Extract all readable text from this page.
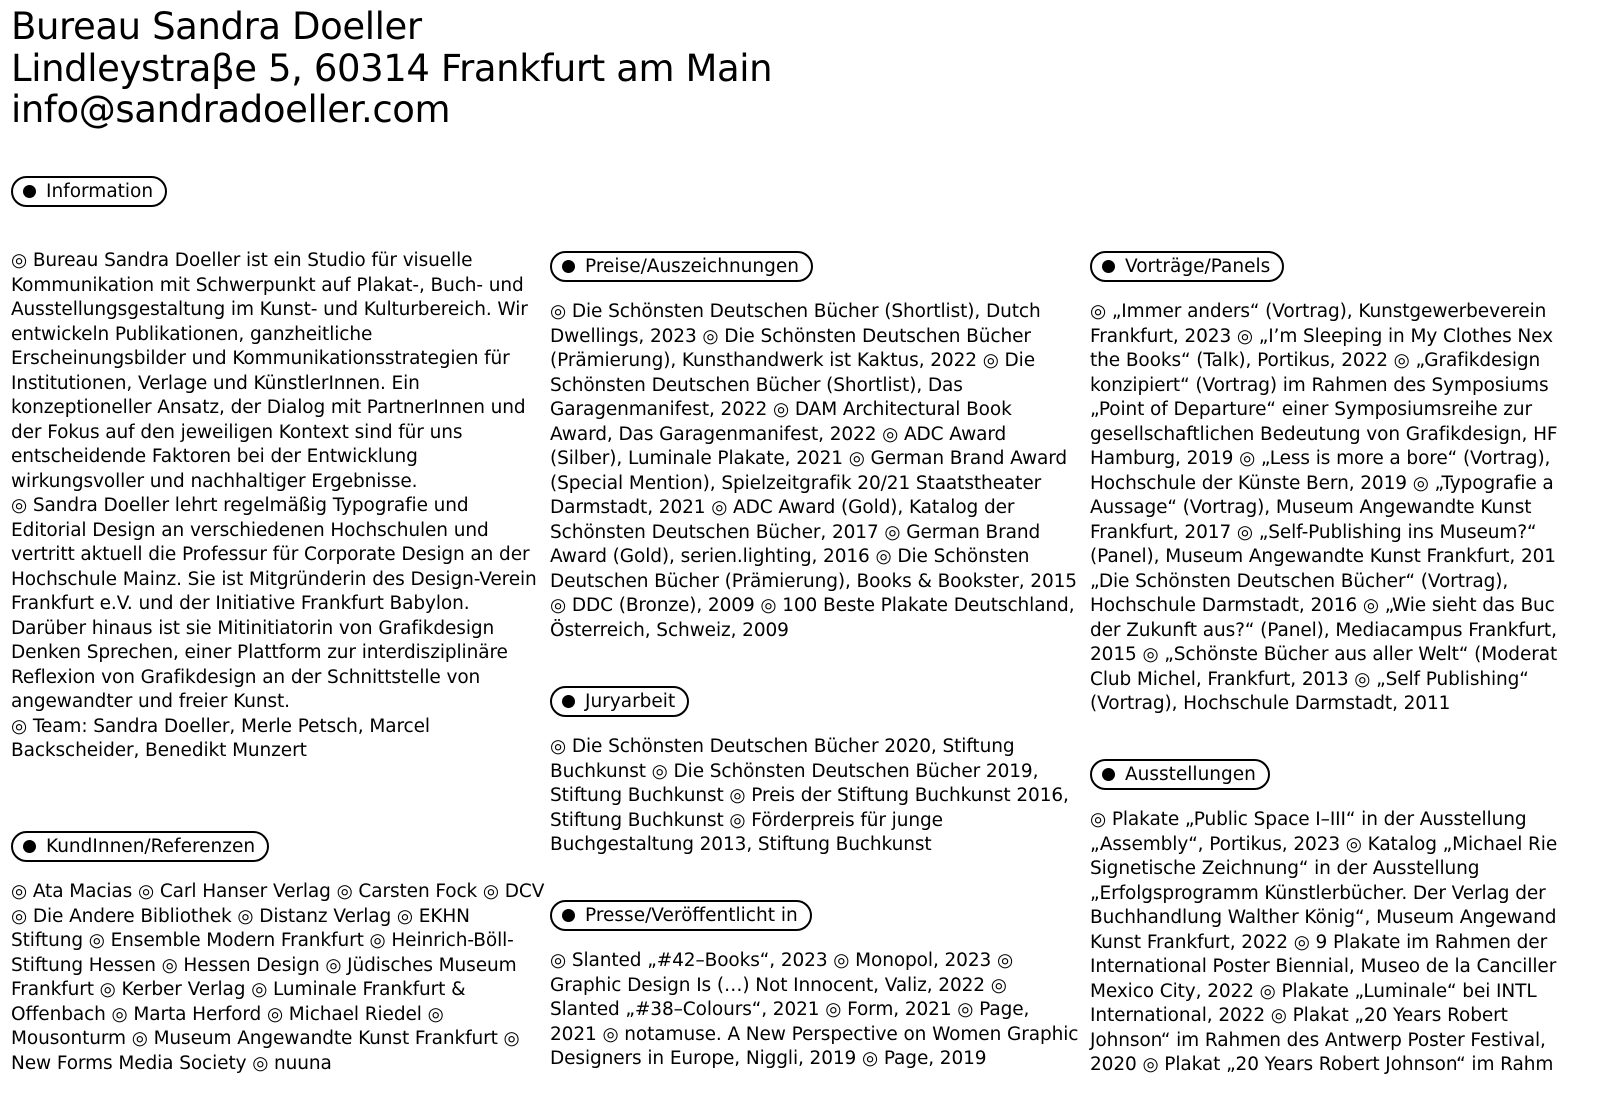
Bureau Sandra Doeller
Lindleystraβe 5, 60314 Frankfurt am Main
info@sandradoeller.com
Information

◎ Bureau Sandra Doeller ist ein Studio für visuelle Kommunikation mit Schwerpunkt auf Plakat-, Buch- und Ausstellungsgestaltung im Kunst- und Kulturbereich. Wir entwickeln Publikationen, ganzheitliche Erscheinungsbilder und Kommunikationsstrategien für Institutionen, Verlage und KünstlerInnen. Ein konzeptioneller Ansatz, der Dialog mit PartnerInnen und der Fokus auf den jeweiligen Kontext sind für uns entscheidende Faktoren bei der Entwicklung wirkungsvoller und nachhaltiger Ergebnisse.

◎ Sandra Doeller lehrt regelmäßig Typografie und Editorial Design an verschiedenen Hochschulen und vertritt aktuell die Professur für Corporate Design an der Hochschule Mainz. Sie ist Mitgründerin des Design-Verein Frankfurt e.V. und der Initiative Frankfurt Babylon. Darüber hinaus ist sie Mitinitiatorin von Grafikdesign Denken Sprechen, einer Plattform zur interdisziplinäre Reflexion von Grafikdesign an der Schnittstelle von angewandter und freier Kunst.

◎ Team: Sandra Doeller, Merle Petsch, Marcel Backscheider, Benedikt Munzert

KundInnen/Referenzen

◎ Ata Macias ◎ Carl Hanser Verlag ◎ Carsten Fock ◎ DCV ◎ Die Andere Bibliothek ◎ Distanz Verlag ◎ EKHN Stiftung ◎ Ensemble Modern Frankfurt ◎ Heinrich-Böll-Stiftung Hessen ◎ Hessen Design ◎ Jüdisches Museum Frankfurt ◎ Kerber Verlag ◎ Luminale Frankfurt & Offenbach ◎ Marta Herford ◎ Michael Riedel ◎ Mousonturm ◎ Museum Angewandte Kunst Frankfurt ◎ New Forms Media Society ◎ nuuna

Preise/Auszeichnungen

◎ Die Schönsten Deutschen Bücher (Shortlist), Dutch Dwellings, 2023 ◎ Die Schönsten Deutschen Bücher (Prämierung), Kunsthandwerk ist Kaktus, 2022 ◎ Die Schönsten Deutschen Bücher (Shortlist), Das Garagenmanifest, 2022 ◎ DAM Architectural Book Award, Das Garagenmanifest, 2022 ◎ ADC Award (Silber), Luminale Plakate, 2021 ◎ German Brand Award (Special Mention), Spielzeitgrafik 20/21 Staatstheater Darmstadt, 2021 ◎ ADC Award (Gold), Katalog der Schönsten Deutschen Bücher, 2017 ◎ German Brand Award (Gold), serien.lighting, 2016 ◎ Die Schönsten Deutschen Bücher (Prämierung), Books & Bookster, 2015 ◎ DDC (Bronze), 2009 ◎ 100 Beste Plakate Deutschland, Österreich, Schweiz, 2009

Juryarbeit

◎ Die Schönsten Deutschen Bücher 2020, Stiftung Buchkunst ◎ Die Schönsten Deutschen Bücher 2019, Stiftung Buchkunst ◎ Preis der Stiftung Buchkunst 2016, Stiftung Buchkunst ◎ Förderpreis für junge Buchgestaltung 2013, Stiftung Buchkunst

Presse/Veröffentlicht in

◎ Slanted „#42–Books“, 2023 ◎ Monopol, 2023 ◎ Graphic Design Is (…) Not Innocent, Valiz, 2022 ◎ Slanted „#38–Colours“, 2021 ◎ Form, 2021 ◎ Page, 2021 ◎ notamuse. A New Perspective on Women Graphic Designers in Europe, Niggli, 2019 ◎ Page, 2019

Vorträge/Panels
◎ „Immer anders“ (Vortrag), Kunstgewerbeverein
Frankfurt, 2023 ◎ „I’m Sleeping in My Clothes Nex
the Books“ (Talk), Portikus, 2022 ◎ „Grafikdesign
konzipiert“ (Vortrag) im Rahmen des Symposiums
„Point of Departure“ einer Symposiumsreihe zur
gesellschaftlichen Bedeutung von Grafikdesign, HF
Hamburg, 2019 ◎ „Less is more a bore“ (Vortrag),
Hochschule der Künste Bern, 2019 ◎ „Typografie a
Aussage“ (Vortrag), Museum Angewandte Kunst
Frankfurt, 2017 ◎ „Self-Publishing ins Museum?“
(Panel), Museum Angewandte Kunst Frankfurt, 201
„Die Schönsten Deutschen Bücher“ (Vortrag),
Hochschule Darmstadt, 2016 ◎ „Wie sieht das Buc
der Zukunft aus?“ (Panel), Mediacampus Frankfurt,
2015 ◎ „Schönste Bücher aus aller Welt“ (Moderat
Club Michel, Frankfurt, 2013 ◎ „Self Publishing“
(Vortrag), Hochschule Darmstadt, 2011
Ausstellungen
◎ Plakate „Public Space I–III“ in der Ausstellung
„Assembly“, Portikus, 2023 ◎ Katalog „Michael Rie
Signetische Zeichnung“ in der Ausstellung
„Erfolgsprogramm Künstlerbücher. Der Verlag der
Buchhandlung Walther König“, Museum Angewand
Kunst Frankfurt, 2022 ◎ 9 Plakate im Rahmen der
International Poster Biennial, Museo de la Canciller
Mexico City, 2022 ◎ Plakate „Luminale“ bei INTL
International, 2022 ◎ Plakat „20 Years Robert
Johnson“ im Rahmen des Antwerp Poster Festival,
2020 ◎ Plakat „20 Years Robert Johnson“ im Rahm
